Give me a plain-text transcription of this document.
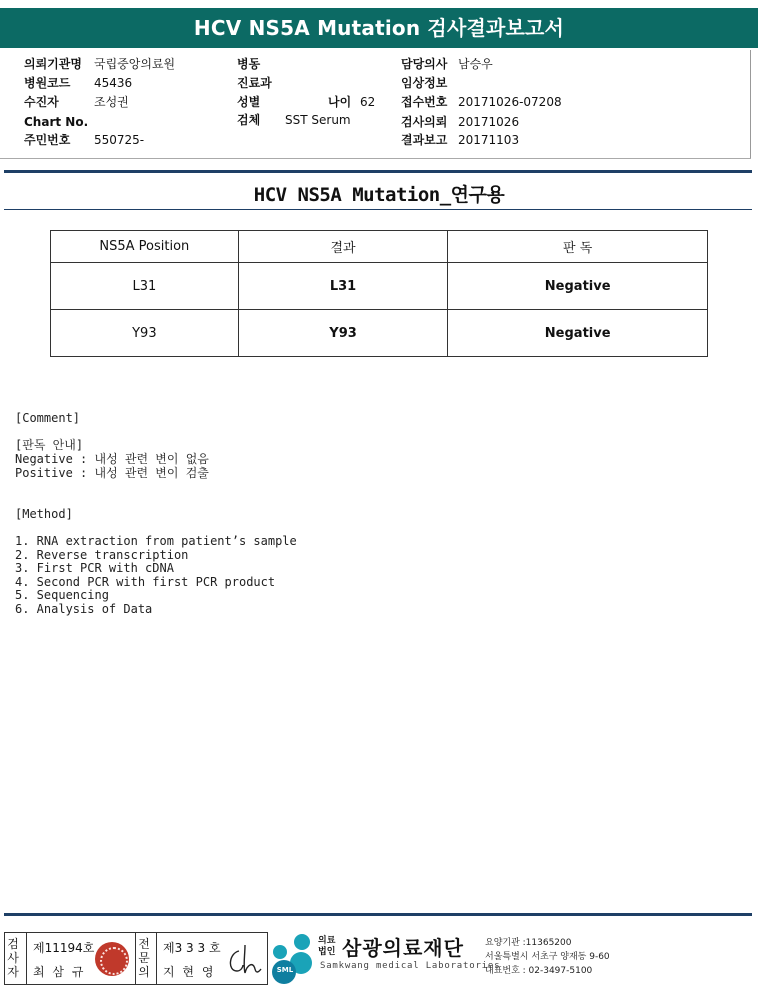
HCV NS5A Mutation 검사결과보고서
의뢰기관명 국립중앙의료원
병원코드 45436
수진자	조성권
Chart No.
주민번호 550725-
병동
진료과
성별	나이 62
검체 SST Serum
담당의사 남승우
임상정보
접수번호 20171026-07208
검사의뢰 20171026
결과보고 20171103
HCV NS5A Mutation_연구용
NS5A Position	결과	판 독
L31	L31	Negative
Y93	Y93	Negative
[Comment]
[판독 안내]
Negative : 내성 관련 변이 없음
Positive : 내성 관련 변이 검출
[Method]
1. RNA extraction from patient’s sample
2. Reverse transcription
3. First PCR with cDNA
4. Second PCR with first PCR product
5. Sequencing
6. Analysis of Data
검사자
제11194호
최 삼 규
전문의
제3 3 3 호
지 현 영	SML
의료
법인 삼광의료재단
Samkwang medical Laboratories
요양기관 :11365200
서울특별시 서초구 양재동 9-60
대표번호 : 02-3497-5100
